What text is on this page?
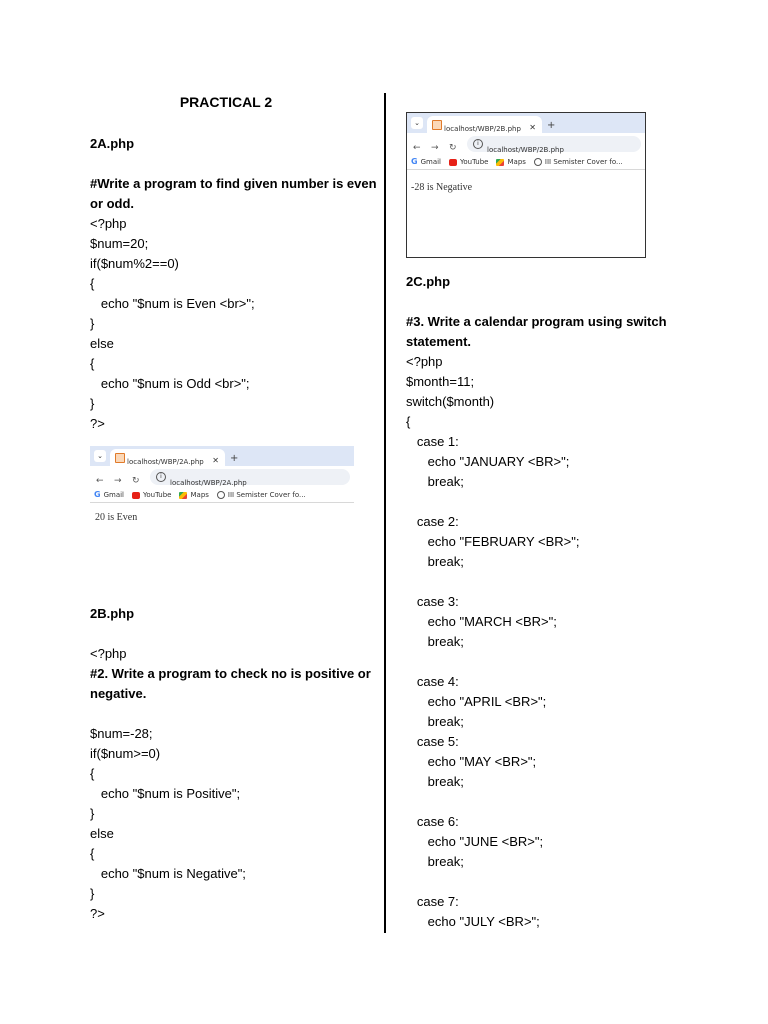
PRACTICAL 2
2A.php
#Write a program to find given number is even
or odd.
<?php
$num=20;
if($num%2==0)
{
echo "$num is Even <br>";
}
else
{
echo "$num is Odd <br>";
}
?>
⌄
localhost/WBP/2A.php ✕ +
← → ↻	i
localhost/WBP/2A.php
G Gmail	YouTube	Maps	III Semister Cover fo...
20 is Even
2B.php
<?php
#2. Write a program to check no is positive or
negative.
$num=-28;
if($num>=0)
{
echo "$num is Positive";
}
else
{
echo "$num is Negative";
}
?>
⌄
localhost/WBP/2B.php ✕ +
← → ↻	i
localhost/WBP/2B.php
G Gmail	YouTube	Maps	III Semister Cover fo...
-28 is Negative
2C.php
#3. Write a calendar program using switch
statement.
<?php
$month=11;
switch($month)
{
case 1:
echo "JANUARY <BR>";
break;
case 2:
echo "FEBRUARY <BR>";
break;
case 3:
echo "MARCH <BR>";
break;
case 4:
echo "APRIL <BR>";
break;
case 5:
echo "MAY <BR>";
break;
case 6:
echo "JUNE <BR>";
break;
case 7:
echo "JULY <BR>";
